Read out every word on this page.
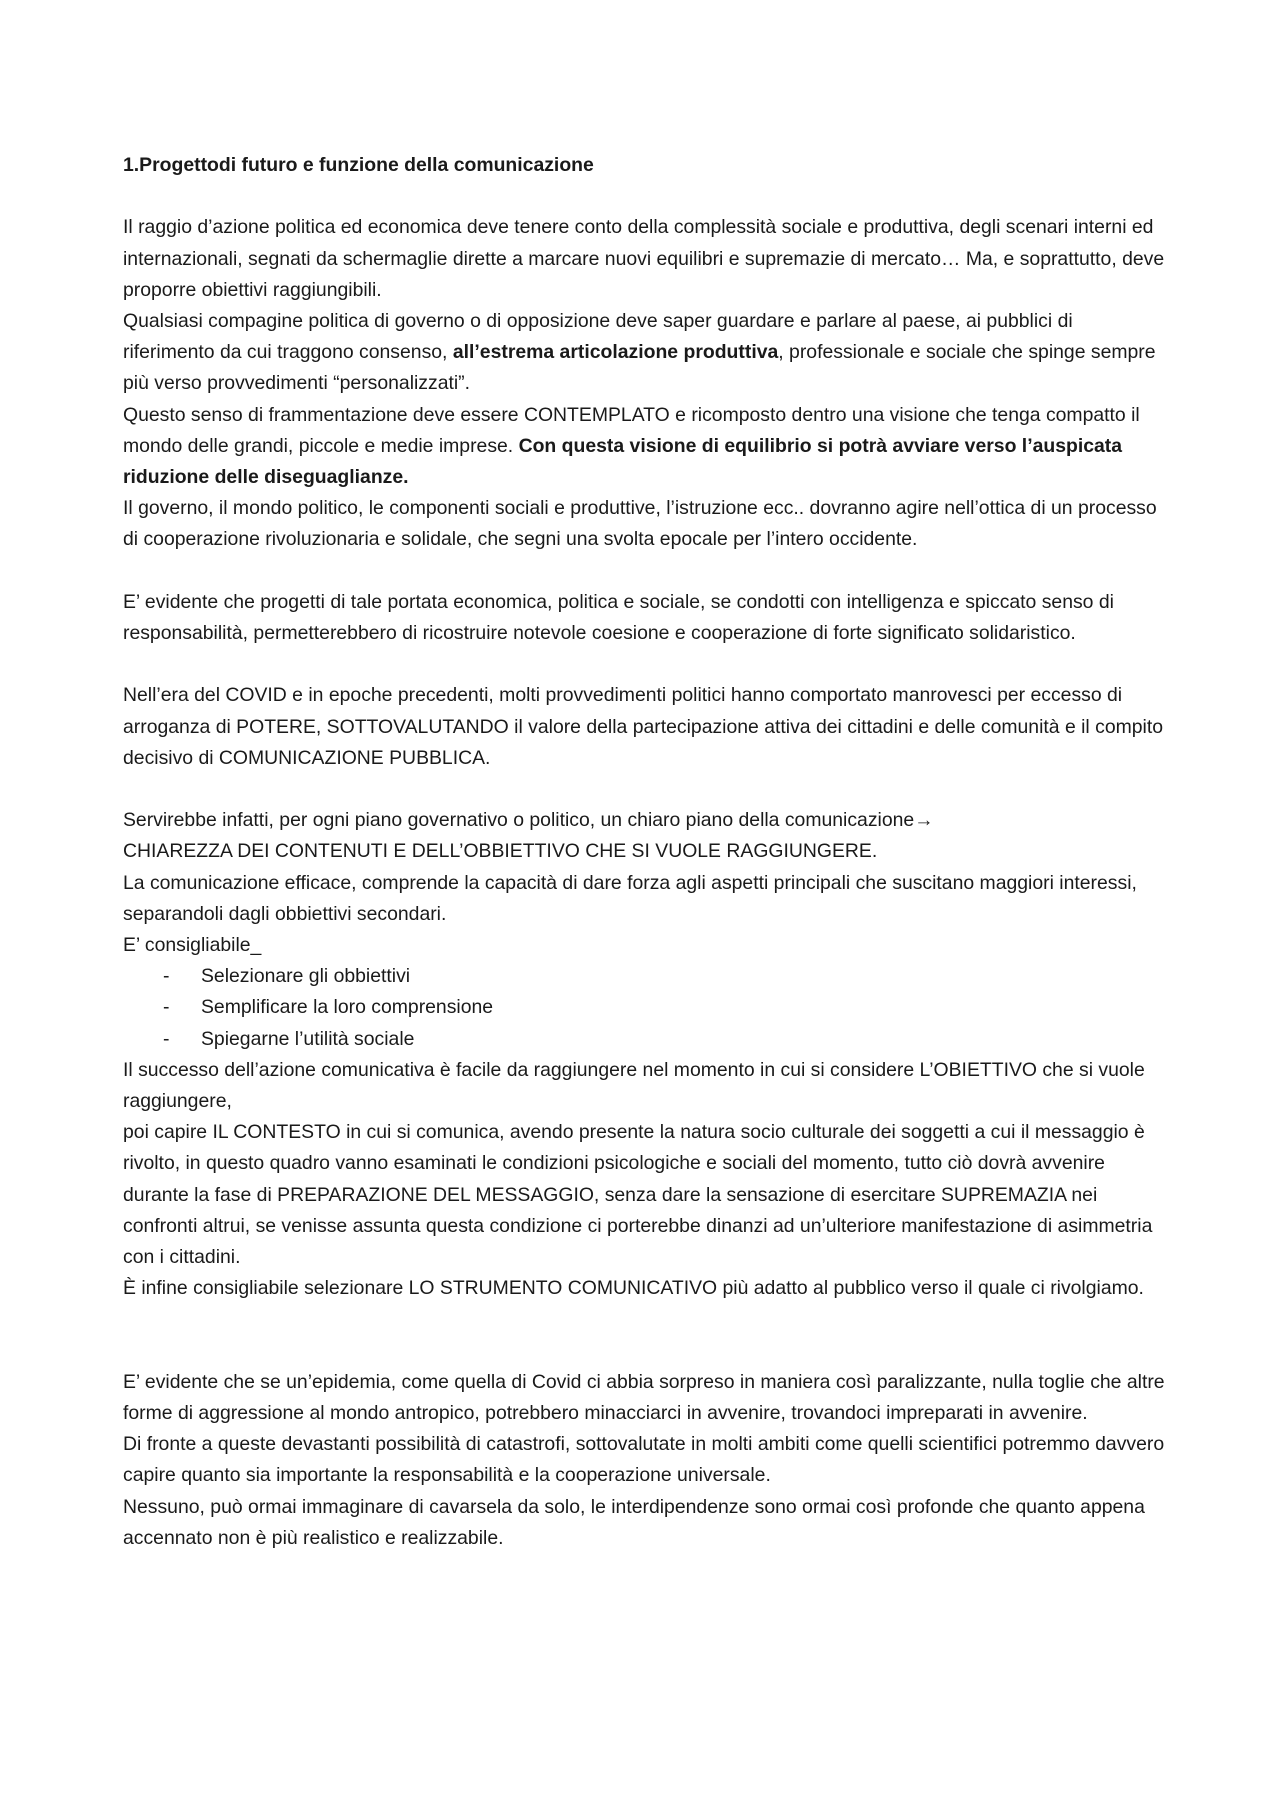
1.Progettodi futuro e funzione della comunicazione

Il raggio d’azione politica ed economica deve tenere conto della complessità sociale e produttiva, degli scenari interni ed internazionali, segnati da schermaglie dirette a marcare nuovi equilibri e supremazie di mercato… Ma, e soprattutto, deve proporre obiettivi raggiungibili.

Qualsiasi compagine politica di governo o di opposizione deve saper guardare e parlare al paese, ai pubblici di riferimento da cui traggono consenso, all’estrema articolazione produttiva, professionale e sociale che spinge sempre più verso provvedimenti “personalizzati”.

Questo senso di frammentazione deve essere CONTEMPLATO e ricomposto dentro una visione che tenga compatto il mondo delle grandi, piccole e medie imprese. Con questa visione di equilibrio si potrà avviare verso l’auspicata riduzione delle diseguaglianze.

Il governo, il mondo politico, le componenti sociali e produttive, l’istruzione ecc.. dovranno agire nell’ottica di un processo di cooperazione rivoluzionaria e solidale, che segni una svolta epocale per l’intero occidente.

E’ evidente che progetti di tale portata economica, politica e sociale, se condotti con intelligenza e spiccato senso di responsabilità, permetterebbero di ricostruire notevole coesione e cooperazione di forte significato solidaristico.

Nell’era del COVID e in epoche precedenti, molti provvedimenti politici hanno comportato manrovesci per eccesso di arroganza di POTERE, SOTTOVALUTANDO il valore della partecipazione attiva dei cittadini e delle comunità e il compito decisivo di COMUNICAZIONE PUBBLICA.

Servirebbe infatti, per ogni piano governativo o politico, un chiaro piano della comunicazione→
CHIAREZZA DEI CONTENUTI E DELL’OBBIETTIVO CHE SI VUOLE RAGGIUNGERE.

La comunicazione efficace, comprende la capacità di dare forza agli aspetti principali che suscitano maggiori interessi, separandoli dagli obbiettivi secondari.

E’ consigliabile_

- Selezionare gli obbiettivi
- Semplificare la loro comprensione
- Spiegarne l’utilità sociale

Il successo dell’azione comunicativa è facile da raggiungere nel momento in cui si considere L’OBIETTIVO che si vuole raggiungere,

poi capire IL CONTESTO in cui si comunica, avendo presente la natura socio culturale dei soggetti a cui il messaggio è rivolto, in questo quadro vanno esaminati le condizioni psicologiche e sociali del momento, tutto ciò dovrà avvenire durante la fase di PREPARAZIONE DEL MESSAGGIO, senza dare la sensazione di esercitare SUPREMAZIA nei confronti altrui, se venisse assunta questa condizione ci porterebbe dinanzi ad un’ulteriore manifestazione di asimmetria con i cittadini.

È infine consigliabile selezionare LO STRUMENTO COMUNICATIVO più adatto al pubblico verso il quale ci rivolgiamo.

E’ evidente che se un’epidemia, come quella di Covid ci abbia sorpreso in maniera così paralizzante, nulla toglie che altre forme di aggressione al mondo antropico, potrebbero minacciarci in avvenire, trovandoci impreparati in avvenire.

Di fronte a queste devastanti possibilità di catastrofi, sottovalutate in molti ambiti come quelli scientifici potremmo davvero capire quanto sia importante la responsabilità e la cooperazione universale.

Nessuno, può ormai immaginare di cavarsela da solo, le interdipendenze sono ormai così profonde che quanto appena accennato non è più realistico e realizzabile.
